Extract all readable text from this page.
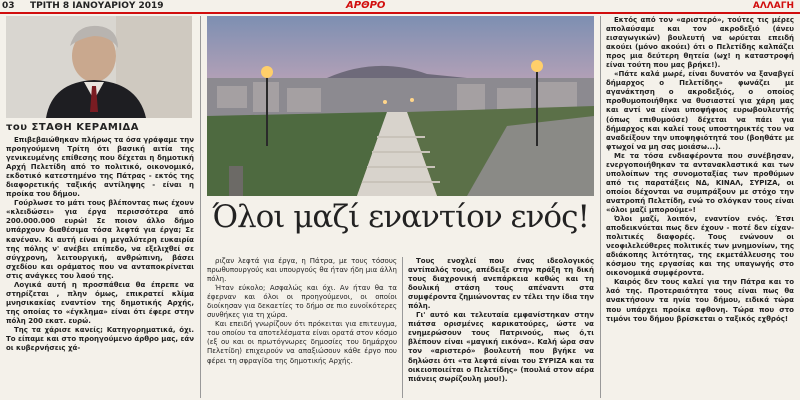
03 ΤΡΙΤΗ 8 ΙΑΝΟΥΑΡΙΟΥ 2019	ΑΡΘΡΟ	ΑΛΛΑΓΗ
του ΣΤΑΘΗ ΚΕΡΑΜΙΔΑ

Επιβεβαιώθηκαν πλήρως τα όσα γράφαμε την προηγούμενη Τρίτη ότι βασική αιτία της γενικευμένης επίθεσης που δέχεται η δημοτική Αρχή Πελετίδη από το πολιτικό, οικονομικό, εκδοτικό κατεστημένο της Πάτρας - εκτός της διαφορετικής ταξικής αντίληψης - είναι η προίκα του δήμου.

Γούρλωσε το μάτι τους βλέποντας πως έχουν «κλειδώσει» για έργα περισσότερα από 200.000.000 ευρώ! Σε ποιον άλλο δήμο υπάρχουν διαθέσιμα τόσα λεφτά για έργα; Σε κανέναν. Κι αυτή είναι η μεγαλύτερη ευκαιρία της πόλης ν' ανέβει επίπεδο, να εξελιχθεί σε σύγχρονη, λειτουργική, ανθρώπινη, βάσει σχεδίου και οράματος που να ανταποκρίνεται στις ανάγκες του λαού της.

Λογικά αυτή η προσπάθεια θα έπρεπε να στηρίζεται , πλην όμως, επικρατεί κλίμα μνησικακίας εναντίον της δημοτικής Αρχής, της οποίας το «έγκλημα» είναι ότι έφερε στην πόλη 200 εκατ. ευρώ.

Της τα χάρισε κανείς; Κατηγορηματικά, όχι. Το είπαμε και στο προηγούμενο άρθρο μας, εάν οι κυβερνήσεις χά-

Όλοι μαζί εναντίον ενός!

ριζαν λεφτά για έργα, η Πάτρα, με τους τόσους πρωθυπουργούς και υπουργούς θα ήταν ήδη μια άλλη πόλη.

Ήταν εύκολο; Ασφαλώς και όχι. Αν ήταν θα τα έφερναν και όλοι οι προηγούμενοι, οι οποίοι διοίκησαν για δεκαετίες το δήμο σε πιο ευνοϊκότερες συνθήκες για τη χώρα.

Και επειδή γνωρίζουν ότι πρόκειται για επιτευγμα, του οποίου τα αποτελέσματα είναι ορατά στον κόσμο (εξ ου και οι πρωτόγνωρες δημοσίες του δημάρχου Πελετίδη) επιχειρούν να απαξιώσουν κάθε έργο που φέρει τη σφραγίδα της δημοτικής Αρχής.

Τους ενοχλεί που ένας ιδεολογικός αντίπαλός τους, απέδειξε στην πράξη τη δική τους διαχρονική ανεπάρκεια καθώς και τη δουλική στάση τους απέναντι στα συμφέροντα ζημιώνοντας εν τέλει την ίδια την πόλη.

Γι' αυτό και τελευταία εμφανίστηκαν στην πιάτσα ορισμένες καρικατούρες, ώστε να ενημερώσουν τους Πατρινούς, πως ό,τι βλέπουν είναι «μαγική εικόνα». Καλή ώρα σαν τον «αριστερό» βουλευτή που βγήκε να δηλώσει ότι «τα λεφτά είναι του ΣΥΡΙΖΑ και τα οικειοποιείται ο Πελετίδης» (πουλιά στον αέρα πιάνεις σωρίζουλη μου!).

Εκτός από τον «αριστερό», τούτες τις μέρες απολαύσαμε και τον ακροδεξιό (άνευ εισαγωγικών) βουλευτή να ωρύεται επειδή ακούει (μόνο ακούει) ότι ο Πελετίδης καλπάζει προς μια δεύτερη θητεία (ωχ! η καταστροφή είναι τούτη που μας βρήκε!).

«Πάτε καλά μωρέ, είναι δυνατόν να ξαναβγεί δήμαρχος ο Πελετίδης» φωνάζει με αγανάκτηση ο ακροδεξιός, ο οποίος προθυμοποιήθηκε να θυσιαστεί για χάρη μας και αντί να είναι υποψήφιος ευρωβουλευτής (όπως επιθυμούσε) δέχεται να πάει για δήμαρχος και καλεί τους υποστηρικτές του να αναδείξουν την υποψηφιότητά του (βοηθάτε με φτωχοί να μη σας μοιάσω...).

Με τα τόσα ενδιαφέροντα που συνέβησαν, ενεργοποιήθηκαν τα αντανακλαστικά και των υπολοίπων της συνομοταξίας των προθύμων από τις παρατάξεις ΝΔ, ΚΙΝΑΛ, ΣΥΡΙΖΑ, οι οποίοι δέχονται να συμπράξουν με στόχο την ανατροπή Πελετίδη, ενώ το σλόγκαν τους είναι «όλοι μαζί μπορούμε»!

Όλοι μαζί, λοιπόν, εναντίον ενός. Έτσι αποδεικνύεται πως δεν έχουν - ποτέ δεν είχαν- πολιτικές διαφορές. Τους ενώνουν οι νεοφιλελεύθερες πολιτικές των μνημονίων, της αδιάκοπης λιτότητας, της εκμετάλλευσης του κόσμου της εργασίας και της υπαγωγής στο οικονομικά συμφέροντα.

Καιρός δεν τους καλεί για την Πάτρα και το λαό της. Προτεραιότητα τους είναι πως θα ανακτήσουν τα ηνία του δήμου, ειδικά τώρα που υπάρχει προίκα αφθονη. Τώρα που στο τιμόνι του δήμου βρίσκεται ο ταξικός εχθρός!
